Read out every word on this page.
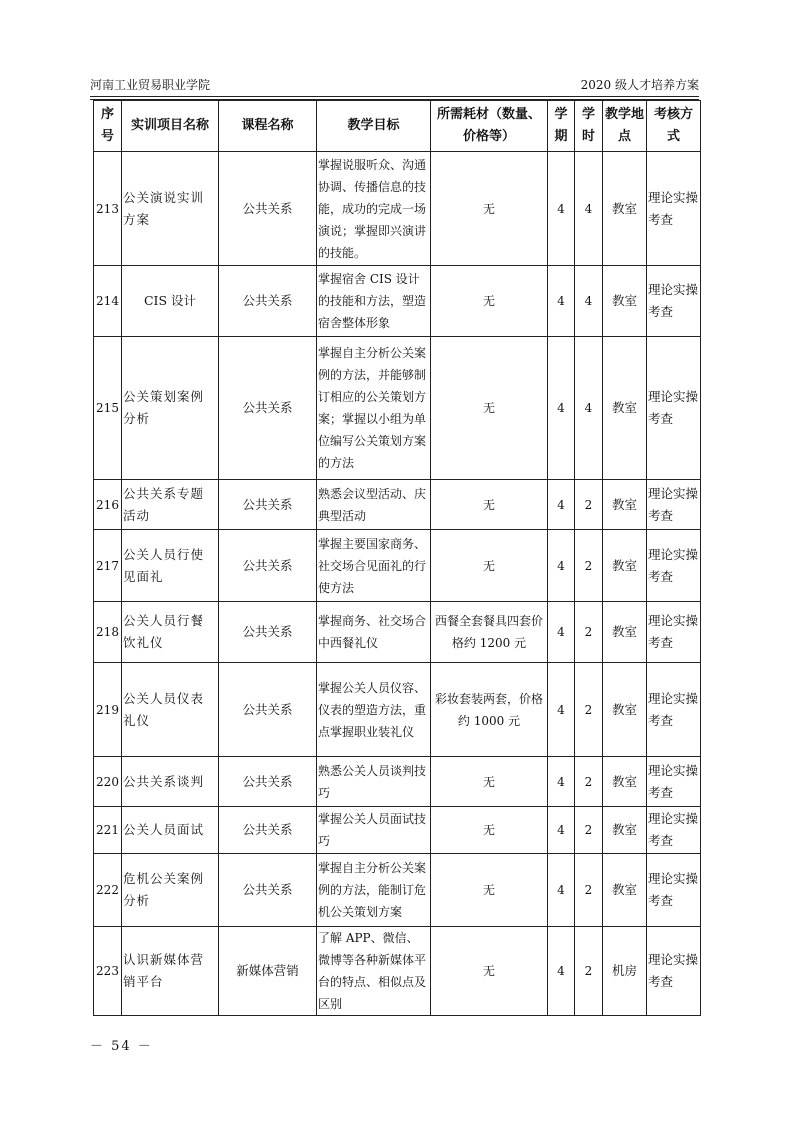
河南工业贸易职业学院	2020 级人才培养方案
序号	实训项目名称	课程名称	教学目标	所需耗材（数量、价格等）	学期	学时	教学地点	考核方式
213	公关演说实训方案	公共关系	掌握说服听众、沟通协调、传播信息的技能，成功的完成一场演说；掌握即兴演讲的技能。	无	4	4	教室	理论实操考查
214	CIS 设计	公共关系	掌握宿舍 CIS 设计的技能和方法，塑造宿舍整体形象	无	4	4	教室	理论实操考查
215	公关策划案例分析	公共关系	掌握自主分析公关案例的方法，并能够制订相应的公关策划方案；掌握以小组为单位编写公关策划方案的方法	无	4	4	教室	理论实操考查
216	公共关系专题活动	公共关系	熟悉会议型活动、庆典型活动	无	4	2	教室	理论实操考查
217	公关人员行使见面礼	公共关系	掌握主要国家商务、社交场合见面礼的行使方法	无	4	2	教室	理论实操考查
218	公关人员行餐饮礼仪	公共关系	掌握商务、社交场合中西餐礼仪	西餐全套餐具四套价格约 1200 元	4	2	教室	理论实操考查
219	公关人员仪表礼仪	公共关系	掌握公关人员仪容、仪表的塑造方法，重点掌握职业装礼仪	彩妆套装两套，价格约 1000 元	4	2	教室	理论实操考查
220	公共关系谈判	公共关系	熟悉公关人员谈判技巧	无	4	2	教室	理论实操考查
221	公关人员面试	公共关系	掌握公关人员面试技巧	无	4	2	教室	理论实操考查
222	危机公关案例分析	公共关系	掌握自主分析公关案例的方法，能制订危机公关策划方案	无	4	2	教室	理论实操考查
223	认识新媒体营销平台	新媒体营销	了解 APP、微信、微博等各种新媒体平台的特点、相似点及区别	无	4	2	机房	理论实操考查
－ 54 －
